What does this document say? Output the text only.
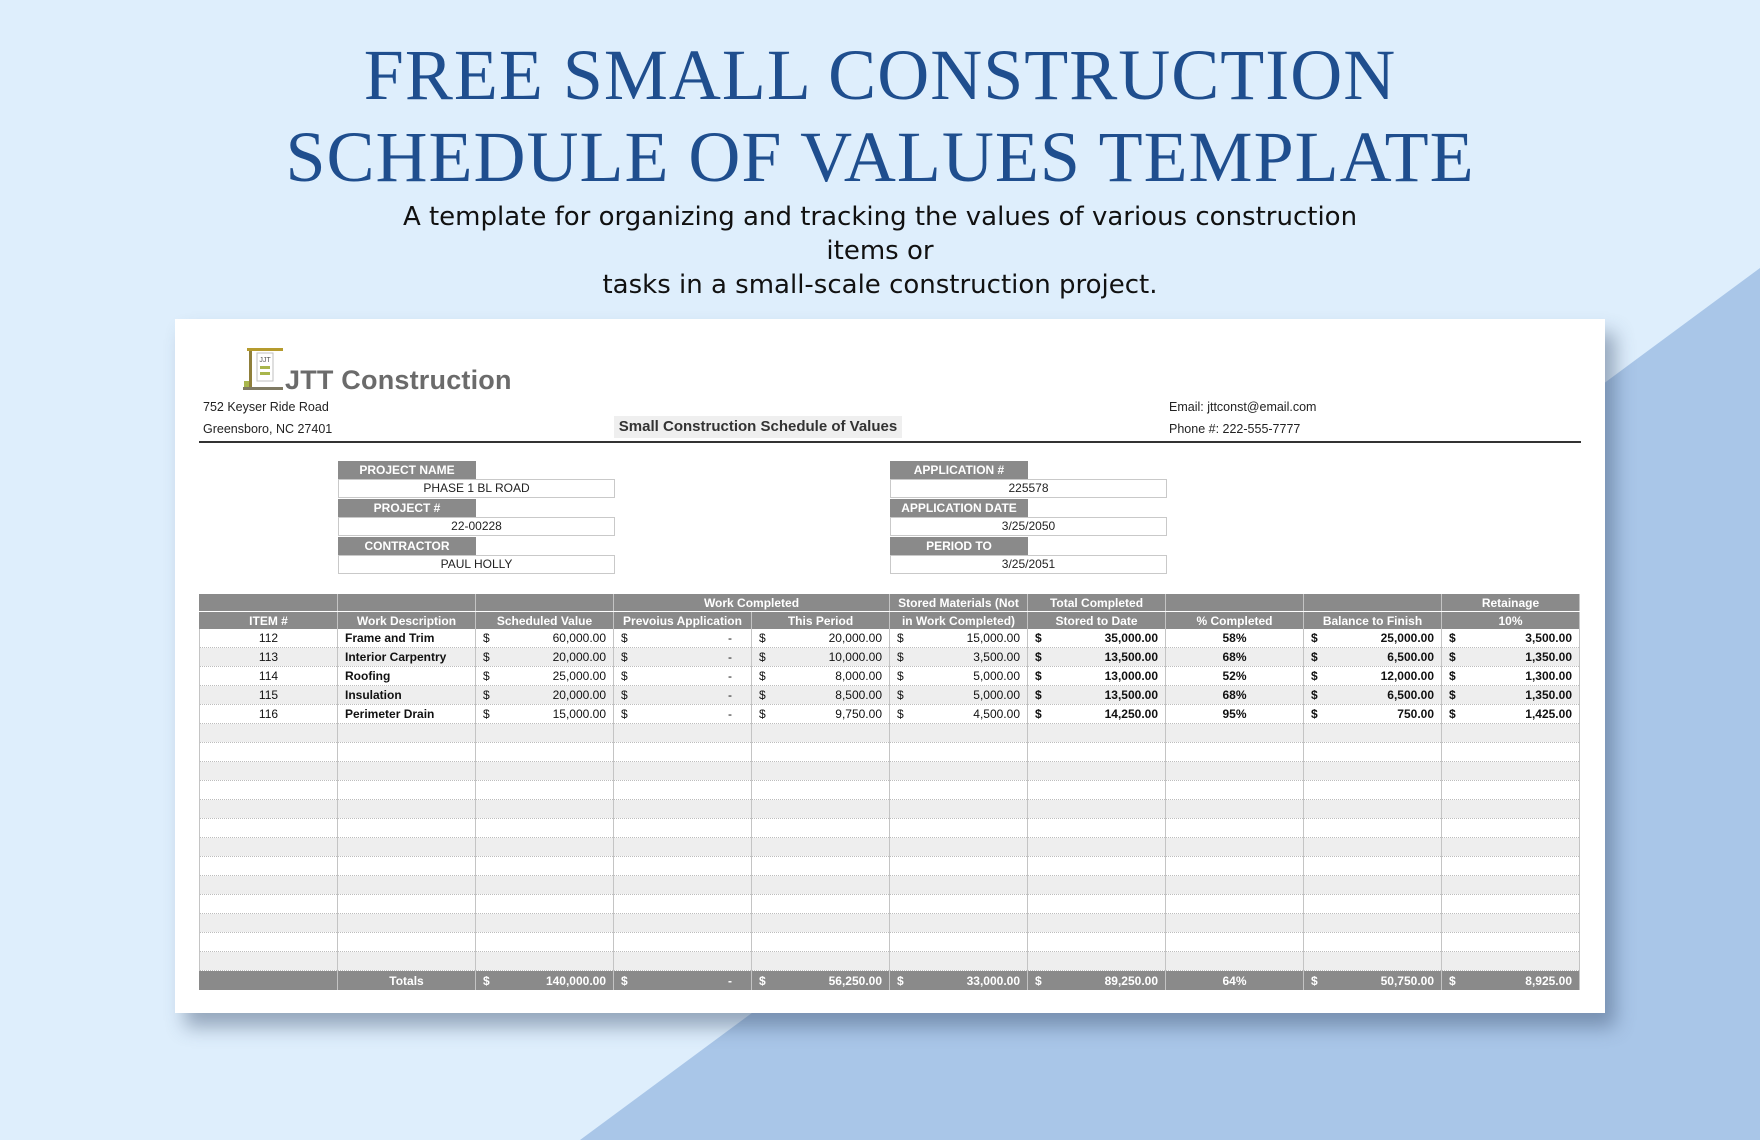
FREE SMALL CONSTRUCTION
SCHEDULE OF VALUES TEMPLATE
A template for organizing and tracking the values of various construction items or
tasks in a small-scale construction project.
JJT
JTT Construction
752 Keyser Ride Road
Greensboro, NC 27401
Email: jttconst@email.com
Phone #: 222-555-7777
Small Construction Schedule of Values
PROJECT NAME
PHASE 1 BL ROAD
PROJECT #
22-00228
CONTRACTOR
PAUL HOLLY
APPLICATION #
225578
APPLICATION DATE
3/25/2050
PERIOD TO
3/25/2051
			Work Completed		Stored Materials (Not	Total Completed			Retainage
ITEM #	Work Description	Scheduled Value	Prevoius Application	This Period	in Work Completed)	Stored to Date	% Completed	Balance to Finish	10%
112	Frame and Trim	$ 60,000.00	$ -	$ 20,000.00	$ 15,000.00	$ 35,000.00	58%	$ 25,000.00	$ 3,500.00

113	Interior Carpentry	$ 20,000.00	$ -	$ 10,000.00	$ 3,500.00	$ 13,500.00	68%	$ 6,500.00	$ 1,350.00

114	Roofing	$ 25,000.00	$ -	$ 8,000.00	$ 5,000.00	$ 13,000.00	52%	$ 12,000.00	$ 1,300.00

115	Insulation	$ 20,000.00	$ -	$ 8,500.00	$ 5,000.00	$ 13,500.00	68%	$ 6,500.00	$ 1,350.00

116	Perimeter Drain	$ 15,000.00	$ -	$ 9,750.00	$ 4,500.00	$ 14,250.00	95%	$ 750.00	$ 1,425.00

	Totals	$ 140,000.00	$ -	$ 56,250.00	$ 33,000.00	$ 89,250.00	64%	$ 50,750.00	$ 8,925.00
